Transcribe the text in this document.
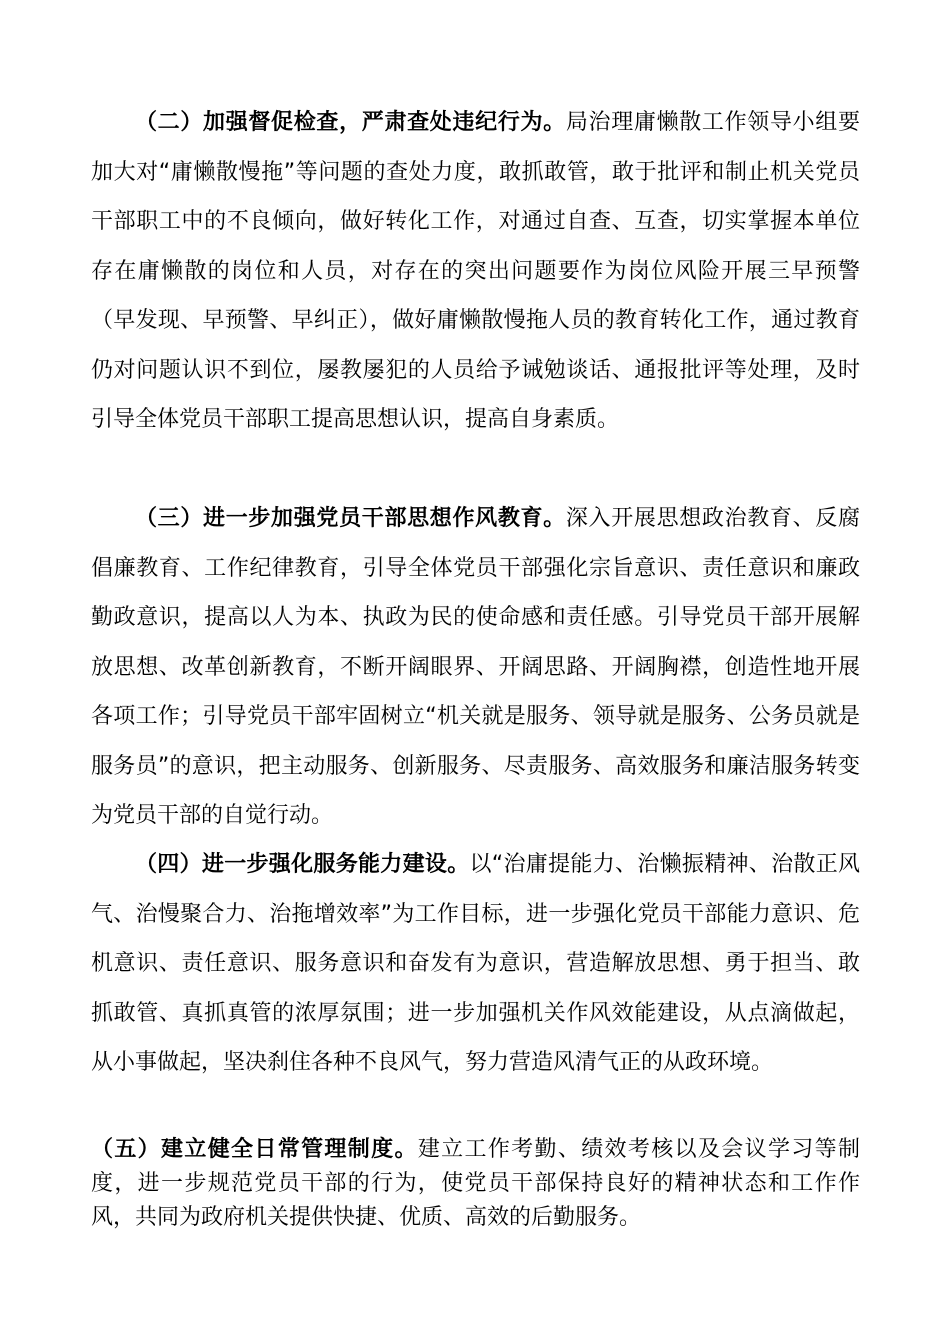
（二）加强督促检查，严肃查处违纪行为。局治理庸懒散工作领导小组要加大对“庸懒散慢拖”等问题的查处力度，敢抓敢管，敢于批评和制止机关党员干部职工中的不良倾向，做好转化工作，对通过自查、互查，切实掌握本单位存在庸懒散的岗位和人员，对存在的突出问题要作为岗位风险开展三早预警（早发现、早预警、早纠正），做好庸懒散慢拖人员的教育转化工作，通过教育仍对问题认识不到位，屡教屡犯的人员给予诫勉谈话、通报批评等处理，及时引导全体党员干部职工提高思想认识，提高自身素质。

（三）进一步加强党员干部思想作风教育。深入开展思想政治教育、反腐倡廉教育、工作纪律教育，引导全体党员干部强化宗旨意识、责任意识和廉政勤政意识，提高以人为本、执政为民的使命感和责任感。引导党员干部开展解放思想、改革创新教育，不断开阔眼界、开阔思路、开阔胸襟，创造性地开展各项工作；引导党员干部牢固树立“机关就是服务、领导就是服务、公务员就是服务员”的意识，把主动服务、创新服务、尽责服务、高效服务和廉洁服务转变为党员干部的自觉行动。

（四）进一步强化服务能力建设。以“治庸提能力、治懒振精神、治散正风气、治慢聚合力、治拖增效率”为工作目标，进一步强化党员干部能力意识、危机意识、责任意识、服务意识和奋发有为意识，营造解放思想、勇于担当、敢抓敢管、真抓真管的浓厚氛围；进一步加强机关作风效能建设，从点滴做起，从小事做起，坚决刹住各种不良风气，努力营造风清气正的从政环境。

（五）建立健全日常管理制度。建立工作考勤、绩效考核以及会议学习等制度，进一步规范党员干部的行为，使党员干部保持良好的精神状态和工作作风，共同为政府机关提供快捷、优质、高效的后勤服务。
